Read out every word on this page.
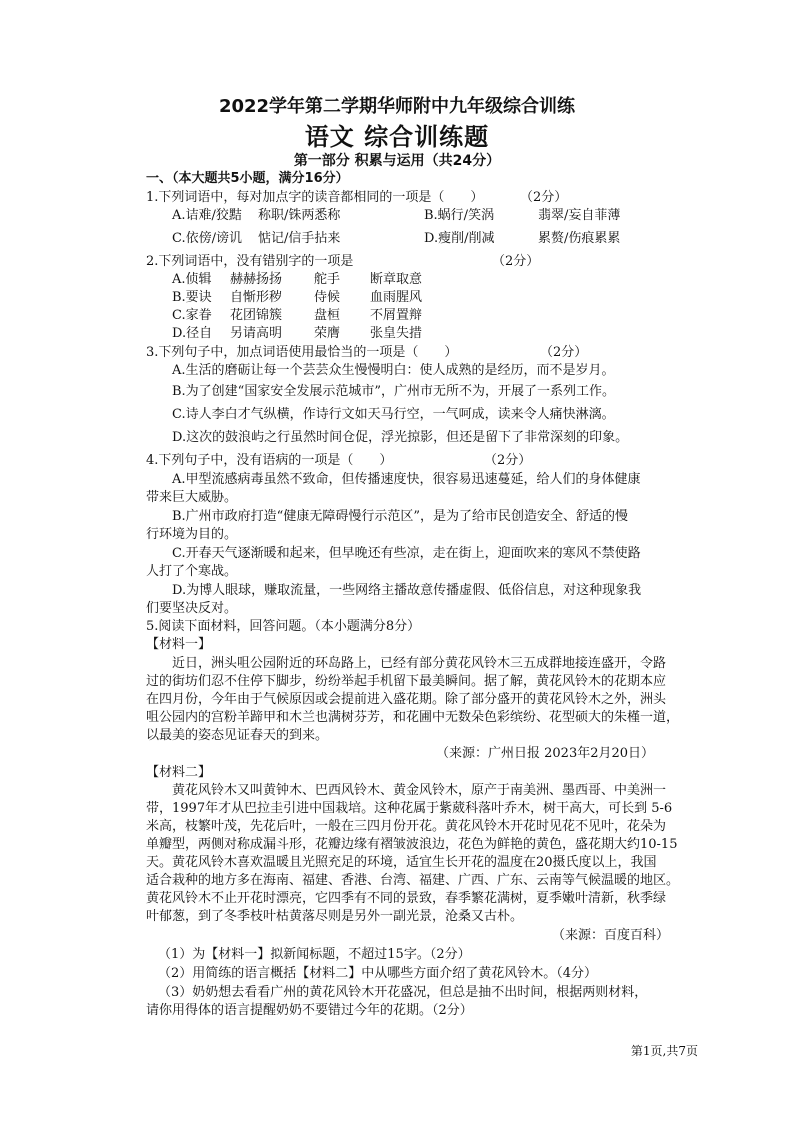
2022学年第二学期华师附中九年级综合训练
语文 综合训练题
第一部分 积累与运用（共24分）
一、（本大题共5小题，满分16分）
1.下列词语中，每对加点字的读音都相同的一项是（　　）	（2分）
A.诘难/狡黠 称职/铢两悉称	B.蜗行/笑涡	翡翠/妄自菲薄
C.依傍/谤讥 惦记/信手拈来	D.瘦削/削减	累赘/伤痕累累
2.下列词语中，没有错别字的一项是	（2分）
A.侦辑 赫赫扬扬 舵手 断章取意
B.要诀 自惭形秽 侍候 血雨腥风
C.家眷 花团锦簇 盘桓 不屑置辩
D.径自 另请高明 荣膺 张皇失措
3.下列句子中，加点词语使用最恰当的一项是（　　）	（2分）
A.生活的磨砺让每一个芸芸众生慢慢明白：使人成熟的是经历，而不是岁月。
B.为了创建“国家安全发展示范城市”，广州市无所不为，开展了一系列工作。
C.诗人李白才气纵横，作诗行文如天马行空，一气呵成，读来令人痛快淋漓。
D.这次的鼓浪屿之行虽然时间仓促，浮光掠影，但还是留下了非常深刻的印象。
4.下列句子中，没有语病的一项是（　　）	（2分）
A.甲型流感病毒虽然不致命，但传播速度快，很容易迅速蔓延，给人们的身体健康
带来巨大威胁。
B.广州市政府打造“健康无障碍慢行示范区”，是为了给市民创造安全、舒适的慢
行环境为目的。
C.开春天气逐渐暖和起来，但早晚还有些凉，走在街上，迎面吹来的寒风不禁使路
人打了个寒战。
D.为博人眼球，赚取流量，一些网络主播故意传播虚假、低俗信息，对这种现象我
们要坚决反对。
5.阅读下面材料，回答问题。（本小题满分8分）
【材料一】
近日，洲头咀公园附近的环岛路上，已经有部分黄花风铃木三五成群地接连盛开，令路
过的街坊们忍不住停下脚步，纷纷举起手机留下最美瞬间。据了解，黄花风铃木的花期本应
在四月份，今年由于气候原因或会提前进入盛花期。除了部分盛开的黄花风铃木之外，洲头
咀公园内的宫粉羊蹄甲和木兰也满树芬芳，和花圃中无数朵色彩缤纷、花型硕大的朱槿一道，
以最美的姿态见证春天的到来。
（来源：广州日报 2023年2月20日）
【材料二】
黄花风铃木又叫黄钟木、巴西风铃木、黄金风铃木，原产于南美洲、墨西哥、中美洲一
带，1997年才从巴拉圭引进中国栽培。这种花属于紫葳科落叶乔木，树干高大，可长到 5-6
米高，枝繁叶茂，先花后叶，一般在三四月份开花。黄花风铃木开花时见花不见叶，花朵为
单瓣型，两侧对称成漏斗形，花瓣边缘有褶皱波浪边，花色为鲜艳的黄色，盛花期大约10-15
天。黄花风铃木喜欢温暖且光照充足的环境，适宜生长开花的温度在20摄氏度以上，我国
适合栽种的地方多在海南、福建、香港、台湾、福建、广西、广东、云南等气候温暖的地区。
黄花风铃木不止开花时漂亮，它四季有不同的景致，春季繁花满树，夏季嫩叶清新，秋季绿
叶郁葱，到了冬季枝叶枯黄落尽则是另外一副光景，沧桑又古朴。
（来源：百度百科）
（1）为【材料一】拟新闻标题，不超过15字。（2分）
（2）用简练的语言概括【材料二】中从哪些方面介绍了黄花风铃木。（4分）
（3）奶奶想去看看广州的黄花风铃木开花盛况，但总是抽不出时间，根据两则材料，
请你用得体的语言提醒奶奶不要错过今年的花期。（2分）
第1页,共7页
